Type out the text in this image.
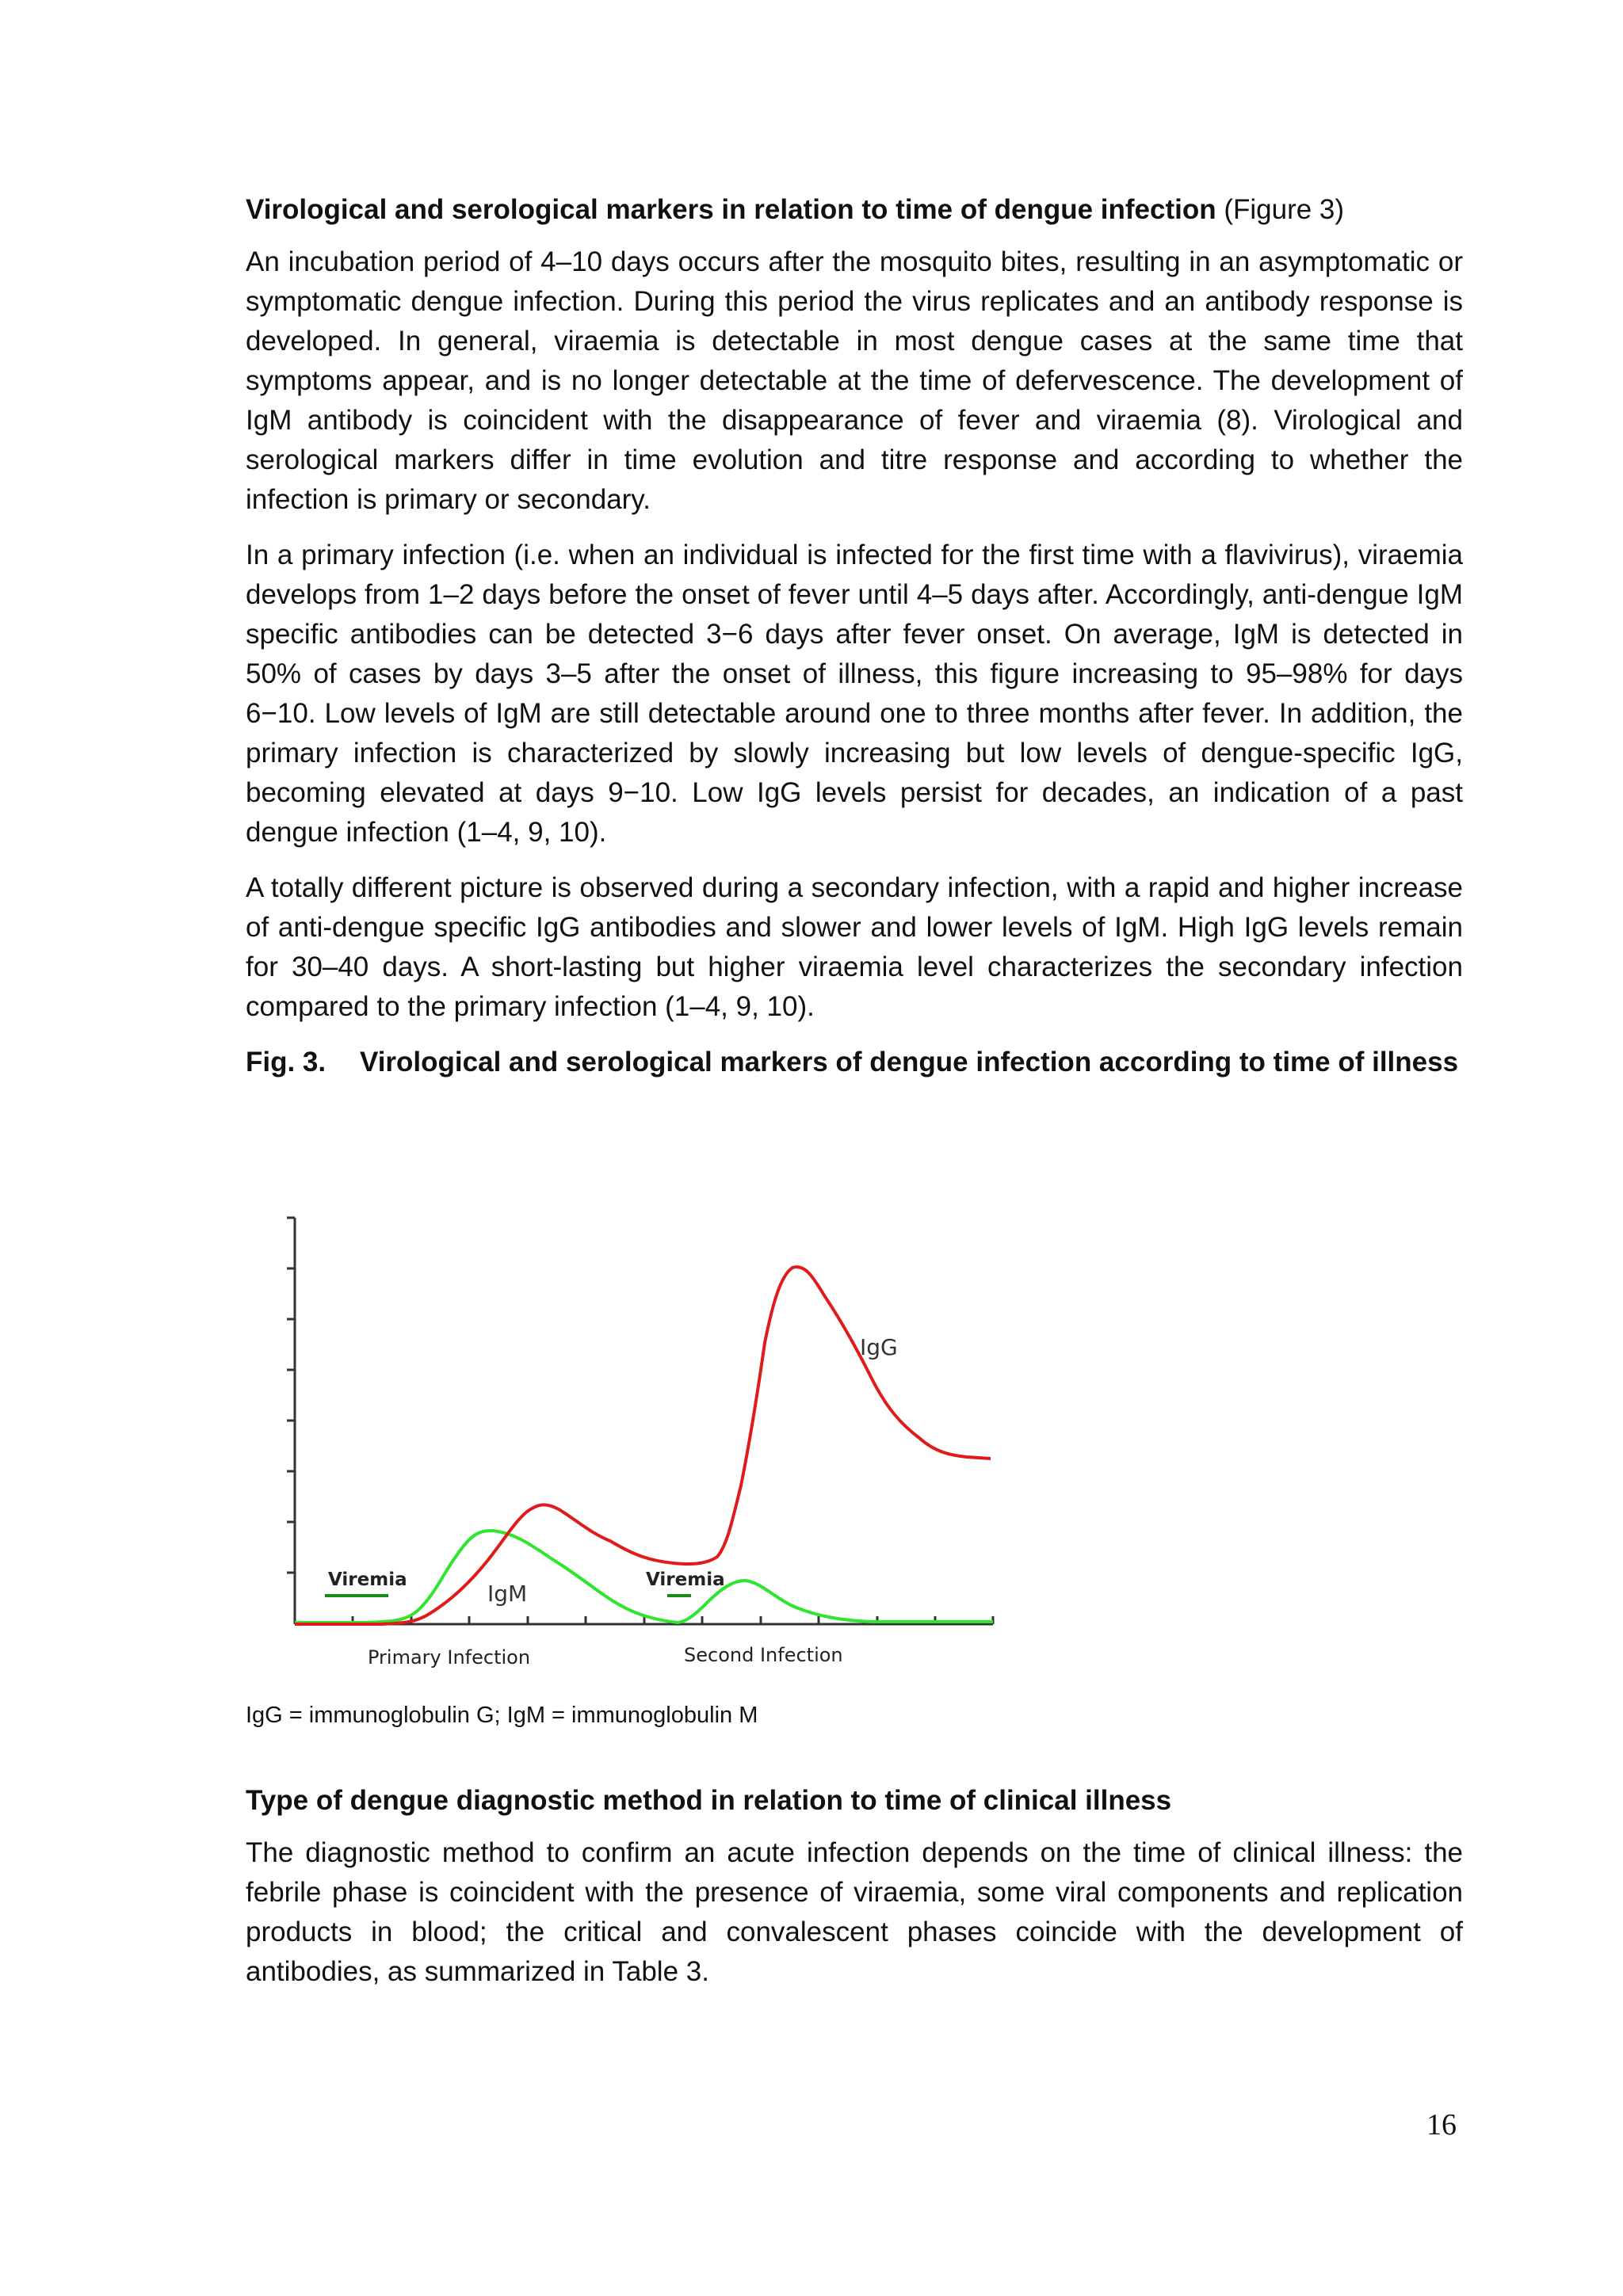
Virological and serological markers in relation to time of dengue infection (Figure 3)

An incubation period of 4–10 days occurs after the mosquito bites, resulting in an asymptomatic or symptomatic dengue infection. During this period the virus replicates and an antibody response is developed. In general, viraemia is detectable in most dengue cases at the same time that symptoms appear, and is no longer detectable at the time of defervescence. The development of IgM antibody is coincident with the disappearance of fever and viraemia (8). Virological and serological markers differ in time evolution and titre response and according to whether the infection is primary or secondary.

In a primary infection (i.e. when an individual is infected for the first time with a flavivirus), viraemia develops from 1–2 days before the onset of fever until 4–5 days after. Accordingly, anti-dengue IgM specific antibodies can be detected 3−6 days after fever onset. On average, IgM is detected in 50% of cases by days 3–5 after the onset of illness, this figure increasing to 95–98% for days 6−10. Low levels of IgM are still detectable around one to three months after fever. In addition, the primary infection is characterized by slowly increasing but low levels of dengue-specific IgG, becoming elevated at days 9−10. Low IgG levels persist for decades, an indication of a past dengue infection (1–4, 9, 10).

A totally different picture is observed during a secondary infection, with a rapid and higher increase of anti-dengue specific IgG antibodies and slower and lower levels of IgM. High IgG levels remain for 30–40 days. A short-lasting but higher viraemia level characterizes the secondary infection compared to the primary infection (1–4, 9, 10).

Fig. 3.	Virological and serological markers of dengue infection according to time of illness
Viremia	Viremia
IgM
IgG
Primary Infection	Second Infection
IgG = immunoglobulin G; IgM = immunoglobulin M

Type of dengue diagnostic method in relation to time of clinical illness

The diagnostic method to confirm an acute infection depends on the time of clinical illness: the febrile phase is coincident with the presence of viraemia, some viral components and replication products in blood; the critical and convalescent phases coincide with the development of antibodies, as summarized in Table 3.

16
